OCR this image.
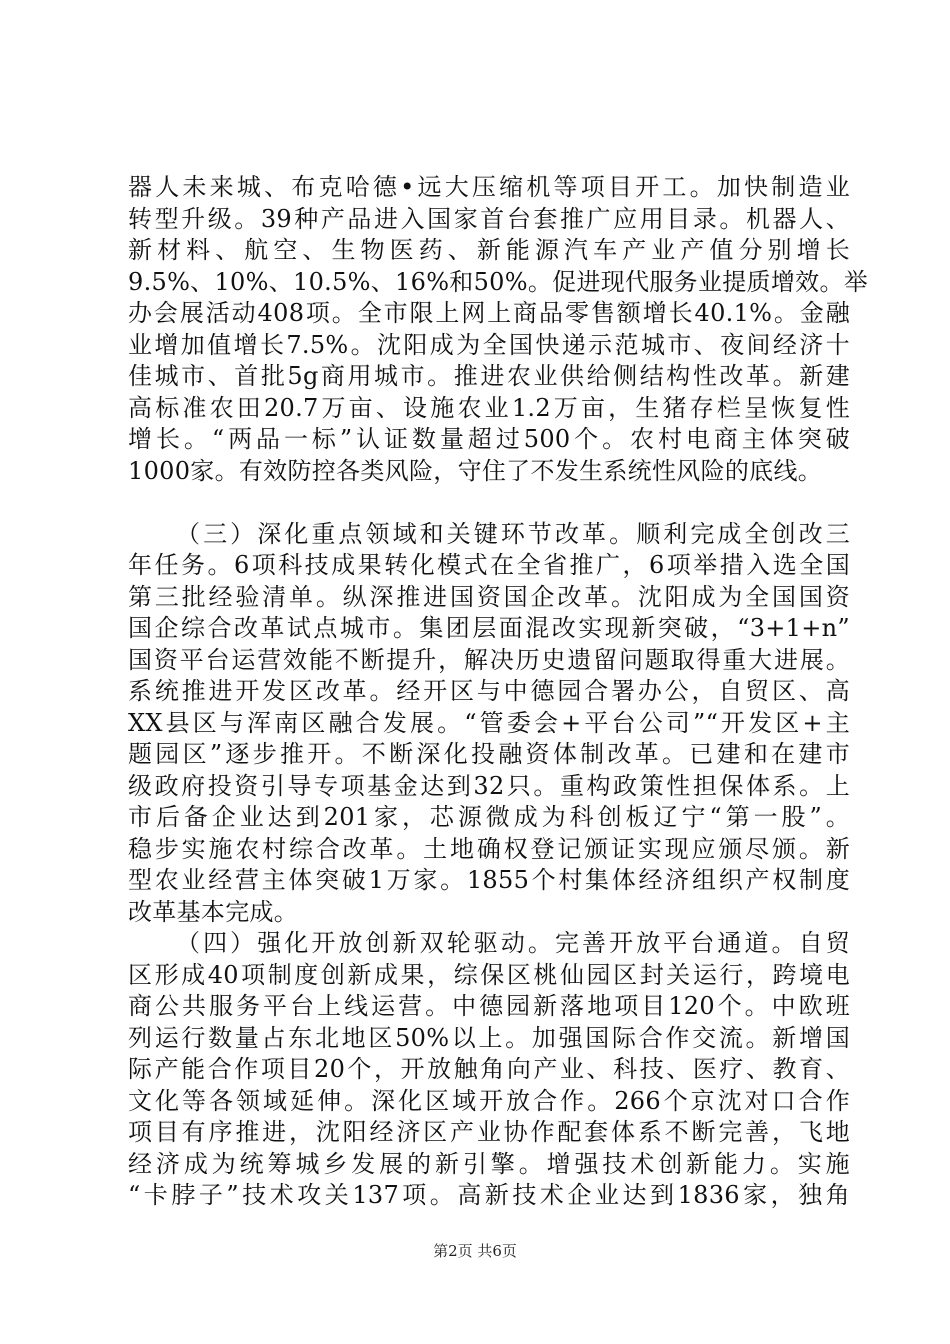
器人未来城、布克哈德•远大压缩机等项目开工。加快制造业
转型升级。39种产品进入国家首台套推广应用目录。机器人、
新材料、航空、生物医药、新能源汽车产业产值分别增长
9.5%、10%、10.5%、16%和50%。促进现代服务业提质增效。举
办会展活动408项。全市限上网上商品零售额增长40.1%。金融
业增加值增长7.5%。沈阳成为全国快递示范城市、夜间经济十
佳城市、首批5g商用城市。推进农业供给侧结构性改革。新建
高标准农田20.7万亩、设施农业1.2万亩，生猪存栏呈恢复性
增长。“两品一标”认证数量超过500个。农村电商主体突破
1000家。有效防控各类风险，守住了不发生系统性风险的底线。
（三）深化重点领域和关键环节改革。顺利完成全创改三
年任务。6项科技成果转化模式在全省推广，6项举措入选全国
第三批经验清单。纵深推进国资国企改革。沈阳成为全国国资
国企综合改革试点城市。集团层面混改实现新突破，“3+1+n”
国资平台运营效能不断提升，解决历史遗留问题取得重大进展。
系统推进开发区改革。经开区与中德园合署办公，自贸区、高
XX县区与浑南区融合发展。“管委会+平台公司”“开发区+主
题园区”逐步推开。不断深化投融资体制改革。已建和在建市
级政府投资引导专项基金达到32只。重构政策性担保体系。上
市后备企业达到201家，芯源微成为科创板辽宁“第一股”。
稳步实施农村综合改革。土地确权登记颁证实现应颁尽颁。新
型农业经营主体突破1万家。1855个村集体经济组织产权制度
改革基本完成。
（四）强化开放创新双轮驱动。完善开放平台通道。自贸
区形成40项制度创新成果，综保区桃仙园区封关运行，跨境电
商公共服务平台上线运营。中德园新落地项目120个。中欧班
列运行数量占东北地区50%以上。加强国际合作交流。新增国
际产能合作项目20个，开放触角向产业、科技、医疗、教育、
文化等各领域延伸。深化区域开放合作。266个京沈对口合作
项目有序推进，沈阳经济区产业协作配套体系不断完善，飞地
经济成为统筹城乡发展的新引擎。增强技术创新能力。实施
“卡脖子”技术攻关137项。高新技术企业达到1836家，独角
第2页 共6页
